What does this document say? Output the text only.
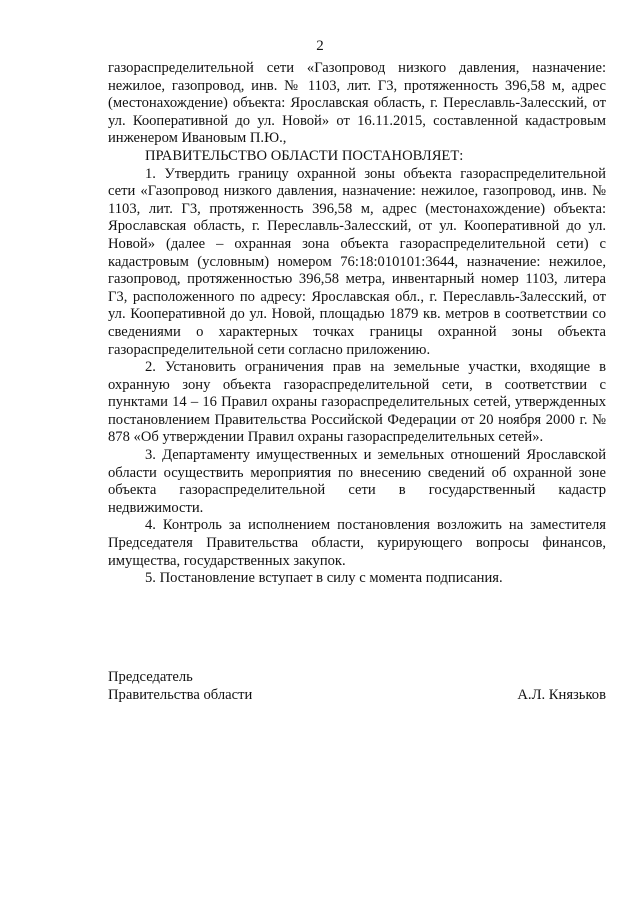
2

газораспределительной сети «Газопровод низкого давления, назначение: нежилое, газопровод, инв. № 1103, лит. Г3, протяженность 396,58 м, адрес (местонахождение) объекта: Ярославская область, г. Переславль-Залесский, от ул. Кооперативной до ул. Новой» от 16.11.2015, составленной кадастровым инженером Ивановым П.Ю.,

ПРАВИТЕЛЬСТВО ОБЛАСТИ ПОСТАНОВЛЯЕТ:

1. Утвердить границу охранной зоны объекта газораспределительной сети «Газопровод низкого давления, назначение: нежилое, газопровод, инв. № 1103, лит. Г3, протяженность 396,58 м, адрес (местонахождение) объекта: Ярославская область, г. Переславль-Залесский, от ул. Кооперативной до ул. Новой» (далее – охранная зона объекта газораспределительной сети) с кадастровым (условным) номером 76:18:010101:3644, назначение: нежилое, газопровод, протяженностью 396,58 метра, инвентарный номер 1103, литера Г3, расположенного по адресу: Ярославская обл., г. Переславль-Залесский, от ул. Кооперативной до ул. Новой, площадью 1879 кв. метров в соответствии со сведениями о характерных точках границы охранной зоны объекта газораспределительной сети согласно приложению.

2. Установить ограничения прав на земельные участки, входящие в охранную зону объекта газораспределительной сети, в соответствии с пунктами 14 – 16 Правил охраны газораспределительных сетей, утвержденных постановлением Правительства Российской Федерации от 20 ноября 2000 г. № 878 «Об утверждении Правил охраны газораспределительных сетей».

3. Департаменту имущественных и земельных отношений Ярославской области осуществить мероприятия по внесению сведений об охранной зоне объекта газораспределительной сети в государственный кадастр недвижимости.

4. Контроль за исполнением постановления возложить на заместителя Председателя Правительства области, курирующего вопросы финансов, имущества, государственных закупок.

5. Постановление вступает в силу с момента подписания.

Председатель
Правительства области	А.Л. Князьков
